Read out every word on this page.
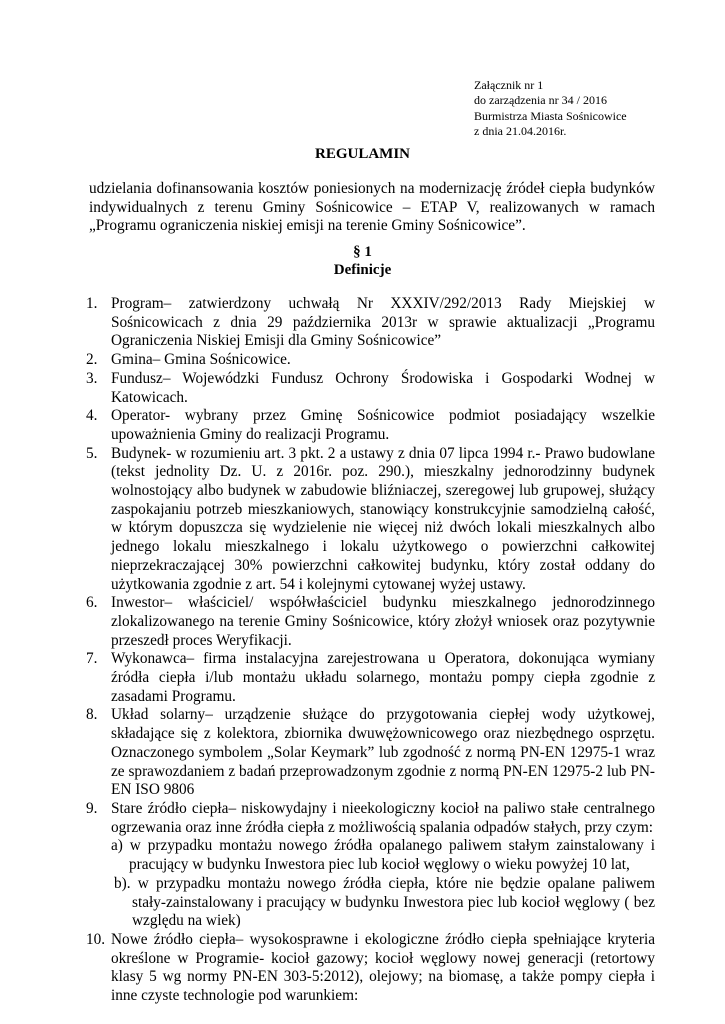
Załącznik nr 1
do zarządzenia nr 34 / 2016
Burmistrza Miasta Sośnicowice
z dnia 21.04.2016r.
REGULAMIN
udzielania dofinansowania kosztów poniesionych na modernizację źródeł ciepła budynków indywidualnych z terenu Gminy Sośnicowice – ETAP V, realizowanych w ramach „Programu ograniczenia niskiej emisji na terenie Gminy Sośnicowice”.
§ 1
Definicje
1. Program– zatwierdzony uchwałą Nr XXXIV/292/2013 Rady Miejskiej w Sośnicowicach z dnia 29 października 2013r w sprawie aktualizacji „Programu Ograniczenia Niskiej Emisji dla Gminy Sośnicowice”
2. Gmina– Gmina Sośnicowice.
3. Fundusz– Wojewódzki Fundusz Ochrony Środowiska i Gospodarki Wodnej w Katowicach.
4. Operator- wybrany przez Gminę Sośnicowice podmiot posiadający wszelkie upoważnienia Gminy do realizacji Programu.
5. Budynek- w rozumieniu art. 3 pkt. 2 a ustawy z dnia 07 lipca 1994 r.- Prawo budowlane (tekst jednolity Dz. U. z 2016r. poz. 290.), mieszkalny jednorodzinny budynek wolnostojący albo budynek w zabudowie bliźniaczej, szeregowej lub grupowej, służący zaspokajaniu potrzeb mieszkaniowych, stanowiący konstrukcyjnie samodzielną całość, w którym dopuszcza się wydzielenie nie więcej niż dwóch lokali mieszkalnych albo jednego lokalu mieszkalnego i lokalu użytkowego o powierzchni całkowitej nieprzekraczającej 30% powierzchni całkowitej budynku, który został oddany do użytkowania zgodnie z art. 54 i kolejnymi cytowanej wyżej ustawy.
6. Inwestor– właściciel/ współwłaściciel budynku mieszkalnego jednorodzinnego zlokalizowanego na terenie Gminy Sośnicowice, który złożył wniosek oraz pozytywnie przeszedł proces Weryfikacji.
7. Wykonawca– firma instalacyjna zarejestrowana u Operatora, dokonująca wymiany źródła ciepła i/lub montażu układu solarnego, montażu pompy ciepła zgodnie z zasadami Programu.
8. Układ solarny– urządzenie służące do przygotowania ciepłej wody użytkowej, składające się z kolektora, zbiornika dwuwężownicowego oraz niezbędnego osprzętu. Oznaczonego symbolem „Solar Keymark” lub zgodność z normą PN-EN 12975-1 wraz ze sprawozdaniem z badań przeprowadzonym zgodnie z normą PN-EN 12975-2 lub PN-EN ISO 9806
9. Stare źródło ciepła– niskowydajny i nieekologiczny kocioł na paliwo stałe centralnego ogrzewania oraz inne źródła ciepła z możliwością spalania odpadów stałych, przy czym:
a) w przypadku montażu nowego źródła opalanego paliwem stałym zainstalowany i pracujący w budynku Inwestora piec lub kocioł węglowy o wieku powyżej 10 lat,
b). w przypadku montażu nowego źródła ciepła, które nie będzie opalane paliwem stały-zainstalowany i pracujący w budynku Inwestora piec lub kocioł węglowy ( bez względu na wiek)
10. Nowe źródło ciepła– wysokosprawne i ekologiczne źródło ciepła spełniające kryteria określone w Programie- kocioł gazowy; kocioł węglowy nowej generacji (retortowy klasy 5 wg normy PN-EN 303-5:2012), olejowy; na biomasę, a także pompy ciepła i inne czyste technologie pod warunkiem:
